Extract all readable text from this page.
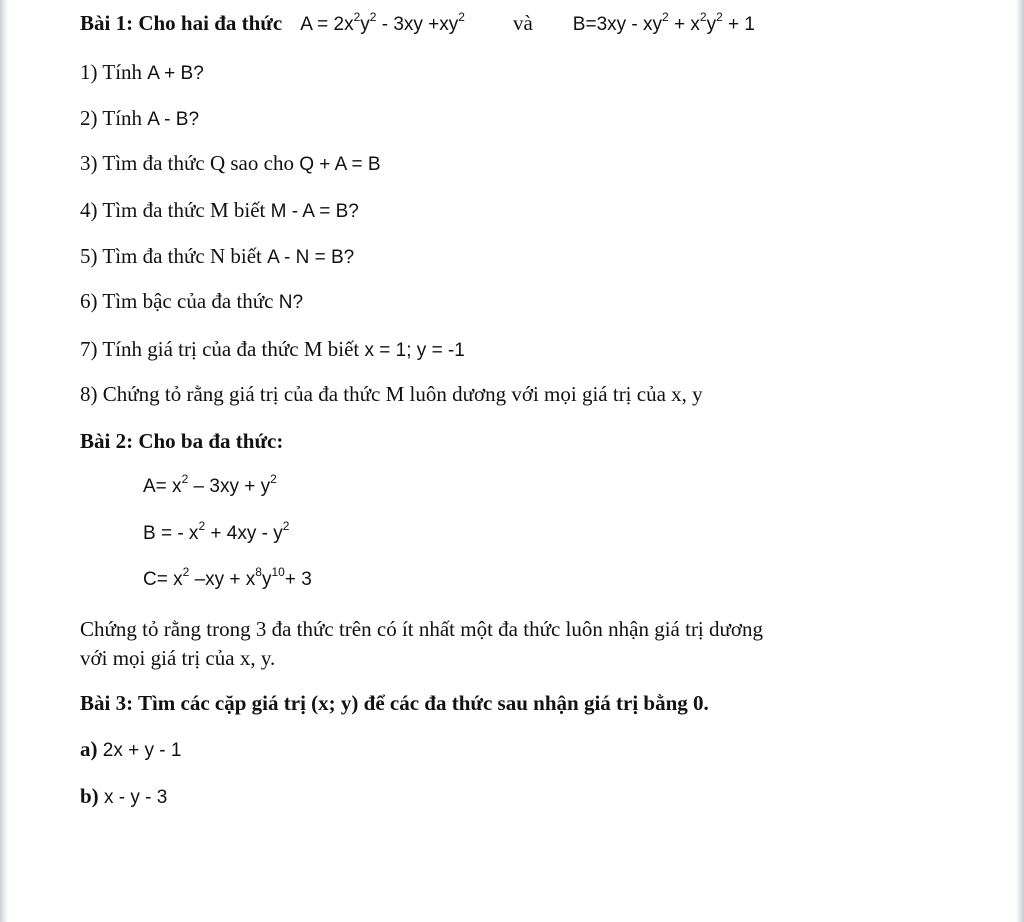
Bài 1: Cho hai đa thức $A = 2x^2y^2 - 3xy +xy^2$ và $B=3xy - xy^2 + x^2y^2 + 1$
1) Tính A + B?
2) Tính A - B?
3) Tìm đa thức Q sao cho Q + A = B
4) Tìm đa thức M biết M - A = B?
5) Tìm đa thức N biết A - N = B?
6) Tìm bậc của đa thức N?
7) Tính giá trị của đa thức M biết x = 1; y = -1
8) Chứng tỏ rằng giá trị của đa thức M luôn dương với mọi giá trị của x, y
Bài 2: Cho ba đa thức:
$A= x^2 - 3xy + y^2$
B = - $x^2 + 4xy - y^2$
$C= x^2$ $-xy + x^8y^{10}+ 3$
Chứng tỏ rằng trong 3 đa thức trên có ít nhất một đa thức luôn nhận giá trị dương
với mọi giá trị của x, y.
Bài 3: Tìm các cặp giá trị (x; y) để các đa thức sau nhận giá trị bằng 0.
a) 2x + y - 1
b) x - y - 3
